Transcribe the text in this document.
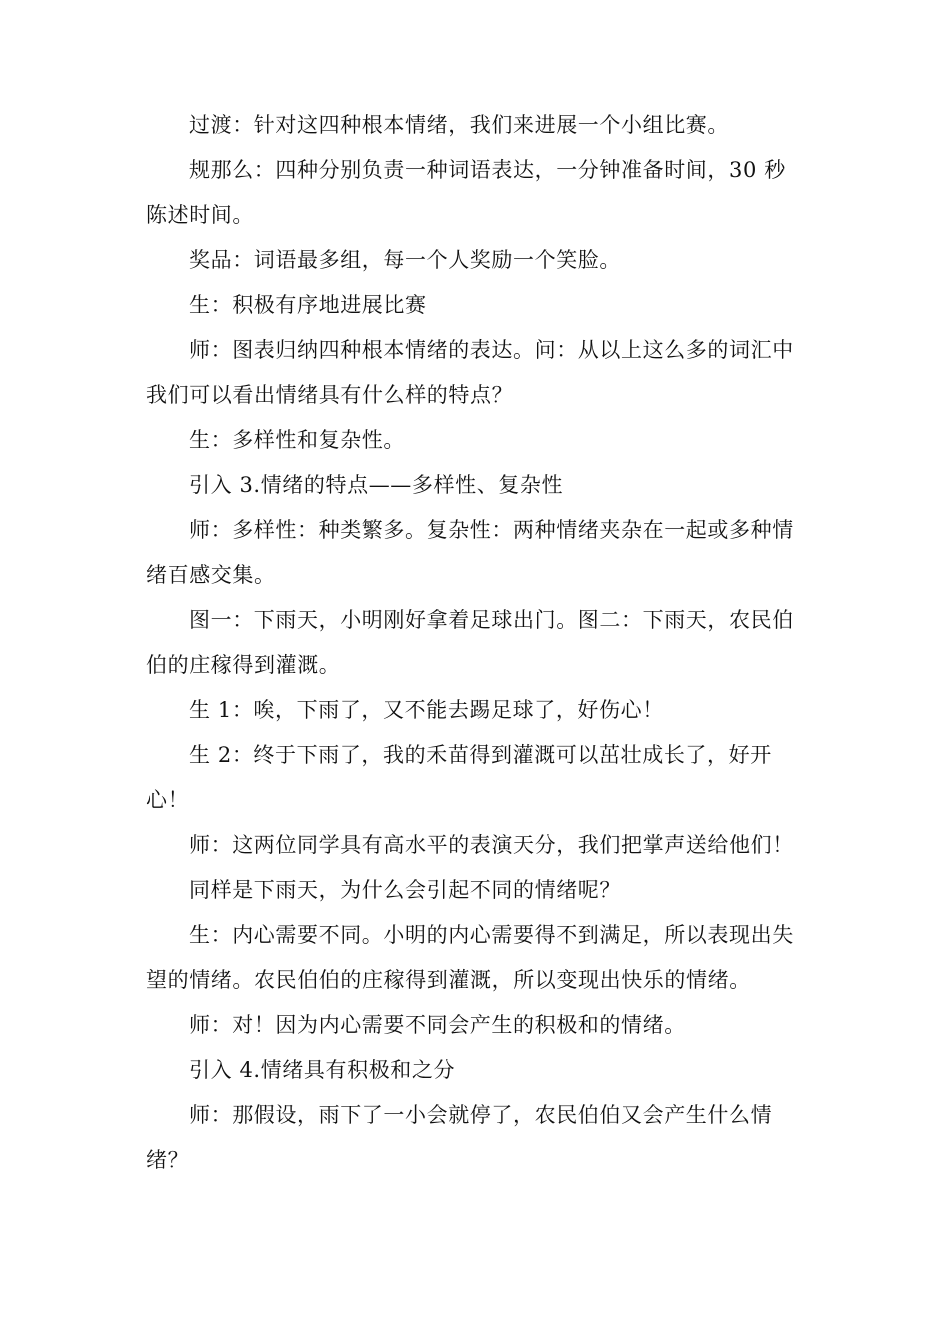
过渡：针对这四种根本情绪，我们来进展一个小组比赛。

规那么：四种分别负责一种词语表达，一分钟准备时间，30 秒陈述时间。

奖品：词语最多组，每一个人奖励一个笑脸。

生：积极有序地进展比赛

师：图表归纳四种根本情绪的表达。问：从以上这么多的词汇中我们可以看出情绪具有什么样的特点？

生：多样性和复杂性。

引入 3.情绪的特点——多样性、复杂性

师：多样性：种类繁多。复杂性：两种情绪夹杂在一起或多种情绪百感交集。

图一：下雨天，小明刚好拿着足球出门。图二：下雨天，农民伯伯的庄稼得到灌溉。

生 1：唉，下雨了，又不能去踢足球了，好伤心！

生 2：终于下雨了，我的禾苗得到灌溉可以茁壮成长了，好开心！

师：这两位同学具有高水平的表演天分，我们把掌声送给他们！

同样是下雨天，为什么会引起不同的情绪呢？

生：内心需要不同。小明的内心需要得不到满足，所以表现出失望的情绪。农民伯伯的庄稼得到灌溉，所以变现出快乐的情绪。

师：对！因为内心需要不同会产生的积极和的情绪。

引入 4.情绪具有积极和之分

师：那假设，雨下了一小会就停了，农民伯伯又会产生什么情绪？
